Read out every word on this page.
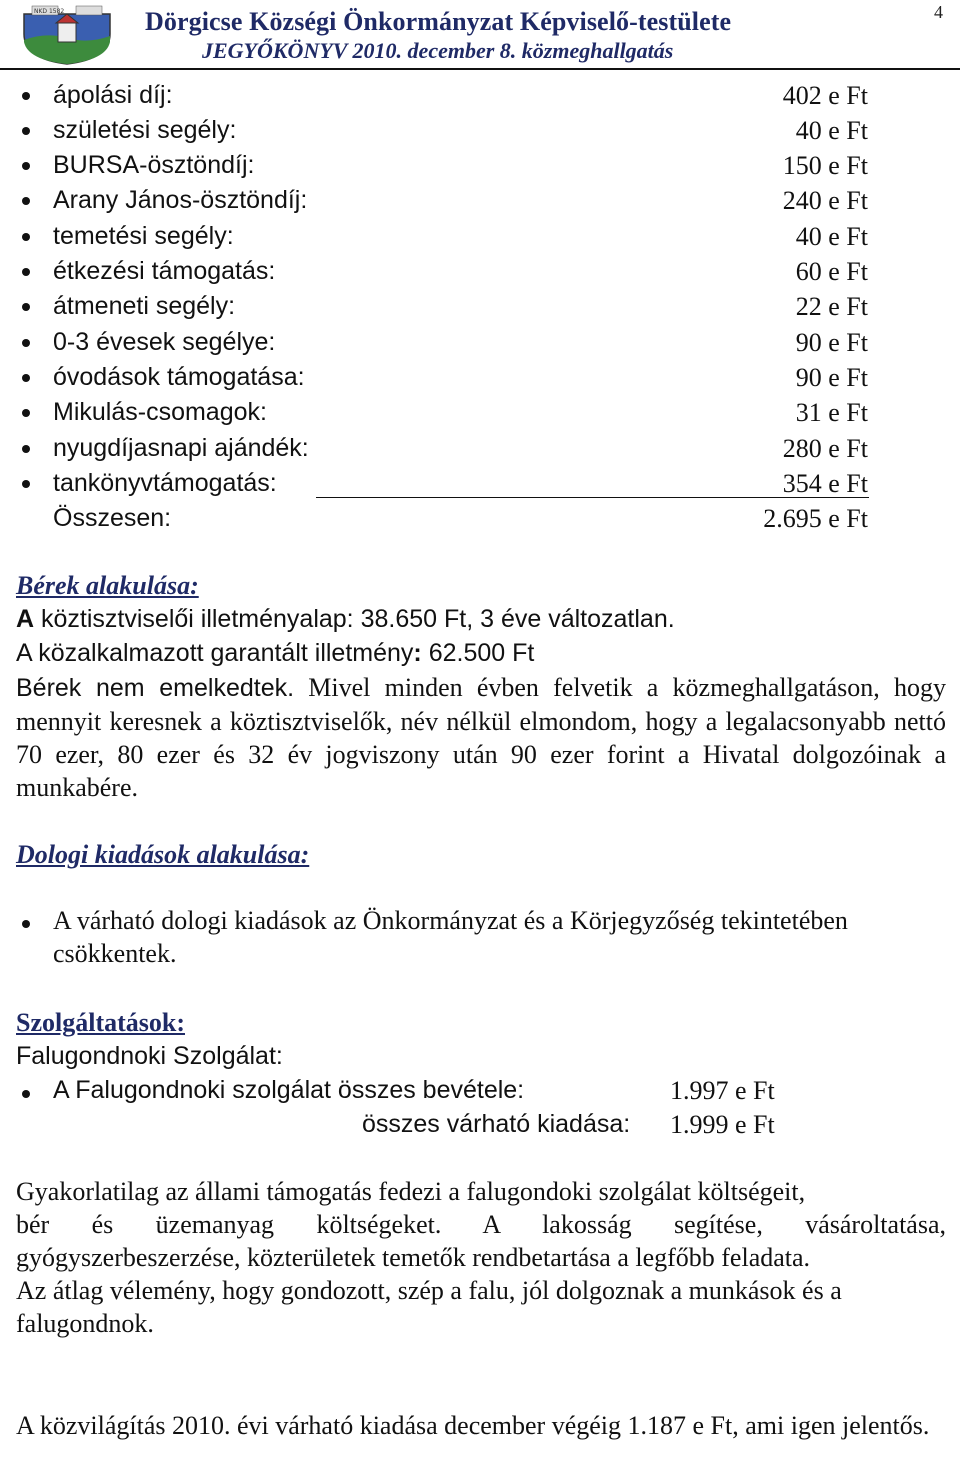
NKD 1582	Dörgicse Községi Önkormányzat Képviselő-testülete
JEGYŐKÖNYV 2010. december 8. közmeghallgatás
4
ápolási díj:	402 e Ft
születési segély:	40 e Ft
BURSA-ösztöndíj:	150 e Ft
Arany János-ösztöndíj:	240 e Ft
temetési segély:	40 e Ft
étkezési támogatás:	60 e Ft
átmeneti segély:	22 e Ft
0-3 évesek segélye:	90 e Ft
óvodások támogatása:	90 e Ft
Mikulás-csomagok:	31 e Ft
nyugdíjasnapi ajándék:	280 e Ft
tankönyvtámogatás:	354 e Ft
Összesen:	2.695 e Ft
Bérek alakulása:
A köztisztviselői illetményalap: 38.650 Ft, 3 éve változatlan.
A közalkalmazott garantált illetmény: 62.500 Ft
Bérek nem emelkedtek. Mivel minden évben felvetik a közmeghallgatáson, hogy mennyit keresnek a köztisztviselők, név nélkül elmondom, hogy a legalacsonyabb nettó 70 ezer, 80 ezer és 32 év jogviszony után 90 ezer forint a Hivatal dolgozóinak a munkabére.
Dologi kiadások alakulása:
A várható dologi kiadások az Önkormányzat és a Körjegyzőség tekintetében csökkentek.
Szolgáltatások:
Falugondnoki Szolgálat:
A Falugondnoki szolgálat összes bevétele:	1.997 e Ft
összes várható kiadása: 1.999 e Ft
Gyakorlatilag az állami támogatás fedezi a falugondoki szolgálat költségeit,
bér és üzemanyag költségeket. A lakosság segítése, vásároltatása,
gyógyszerbeszerzése, közterületek temetők rendbetartása a legfőbb feladata.
Az átlag vélemény, hogy gondozott, szép a falu, jól dolgoznak a munkások és a
falugondnok.
A közvilágítás 2010. évi várható kiadása december végéig 1.187 e Ft, ami igen jelentős.
